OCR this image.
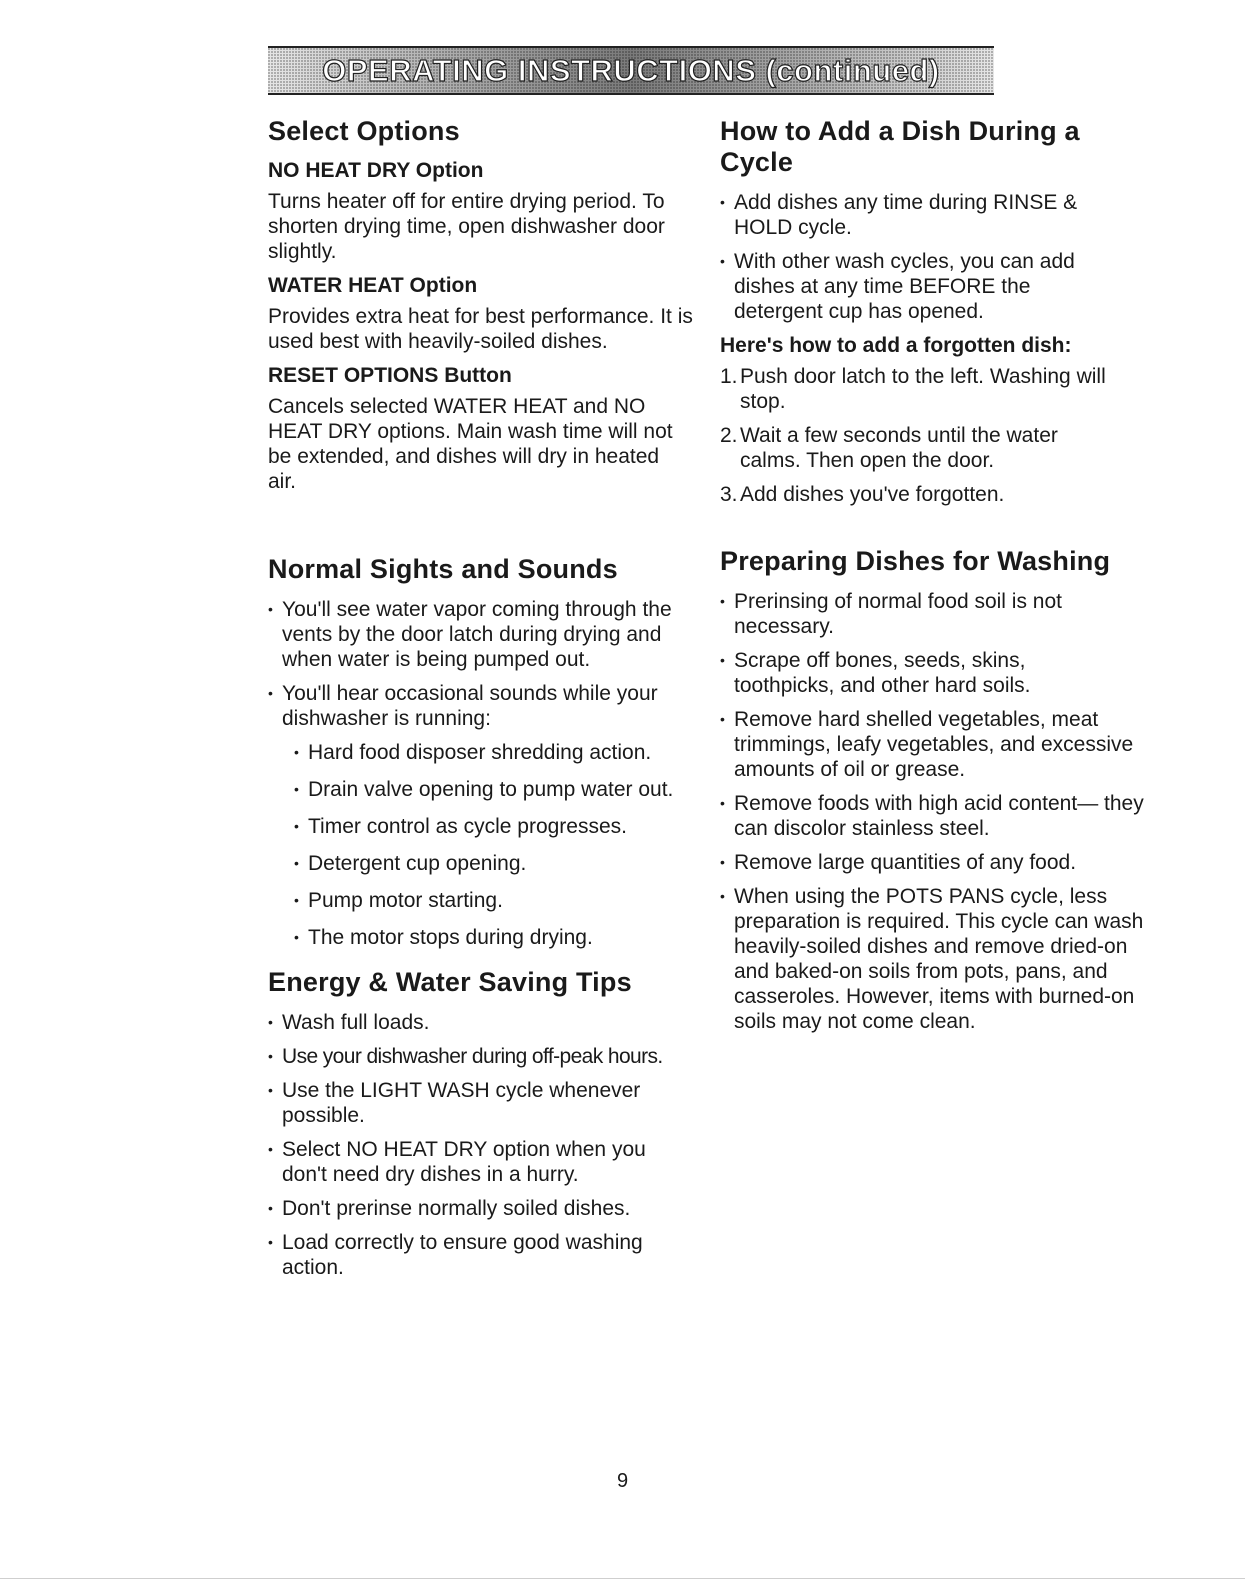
OPERATING INSTRUCTIONS (continued)
Select Options
NO HEAT DRY Option

Turns heater off for entire drying period. To shorten drying time, open dishwasher door slightly.

WATER HEAT Option

Provides extra heat for best performance. It is used best with heavily-soiled dishes.

RESET OPTIONS Button

Cancels selected WATER HEAT and NO HEAT DRY options. Main wash time will not be extended, and dishes will dry in heated air.

How to Add a Dish During a Cycle
• Add dishes any time during RINSE & HOLD cycle.
• With other wash cycles, you can add dishes at any time BEFORE the detergent cup has opened.
Here's how to add a forgotten dish:
1. Push door latch to the left. Washing will stop.
2. Wait a few seconds until the water calms. Then open the door.
3. Add dishes you've forgotten.
Normal Sights and Sounds
• You'll see water vapor coming through the vents by the door latch during drying and when water is being pumped out.
• You'll hear occasional sounds while your dishwasher is running:
• Hard food disposer shredding action.
• Drain valve opening to pump water out.
• Timer control as cycle progresses.
• Detergent cup opening.
• Pump motor starting.
• The motor stops during drying.
Energy & Water Saving Tips
• Wash full loads.
• Use your dishwasher during off-peak hours.
• Use the LIGHT WASH cycle whenever possible.
• Select NO HEAT DRY option when you don't need dry dishes in a hurry.
• Don't prerinse normally soiled dishes.
• Load correctly to ensure good washing action.
Preparing Dishes for Washing
• Prerinsing of normal food soil is not necessary.
• Scrape off bones, seeds, skins, toothpicks, and other hard soils.
• Remove hard shelled vegetables, meat trimmings, leafy vegetables, and excessive amounts of oil or grease.
• Remove foods with high acid content— they can discolor stainless steel.
• Remove large quantities of any food.
• When using the POTS PANS cycle, less preparation is required. This cycle can wash heavily-soiled dishes and remove dried-on and baked-on soils from pots, pans, and casseroles. However, items with burned-on soils may not come clean.
9
